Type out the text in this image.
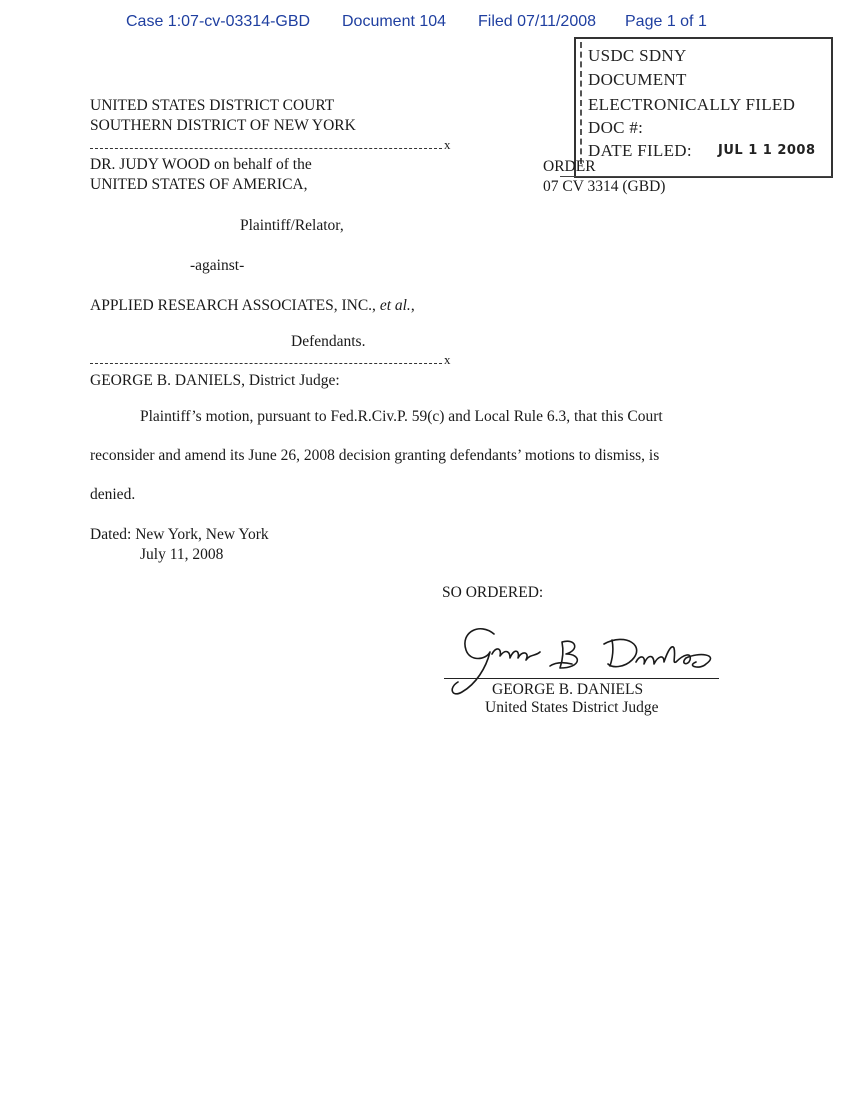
Case 1:07-cv-03314-GBD Document 104 Filed 07/11/2008 Page 1 of 1
USDC SDNY
DOCUMENT
ELECTRONICALLY FILED
DOC #:
DATE FILED: JUL 1 1 2008
UNITED STATES DISTRICT COURT
SOUTHERN DISTRICT OF NEW YORK
x
DR. JUDY WOOD on behalf of the
UNITED STATES OF AMERICA,
ORDER
07 CV 3314 (GBD)
Plaintiff/Relator,
-against-
APPLIED RESEARCH ASSOCIATES, INC., et al.,
Defendants.
x
GEORGE B. DANIELS, District Judge:
Plaintiff’s motion, pursuant to Fed.R.Civ.P. 59(c) and Local Rule 6.3, that this Court
reconsider and amend its June 26, 2008 decision granting defendants’ motions to dismiss, is
denied.
Dated: New York, New York
July 11, 2008
SO ORDERED:
GEORGE B. DANIELS
United States District Judge
